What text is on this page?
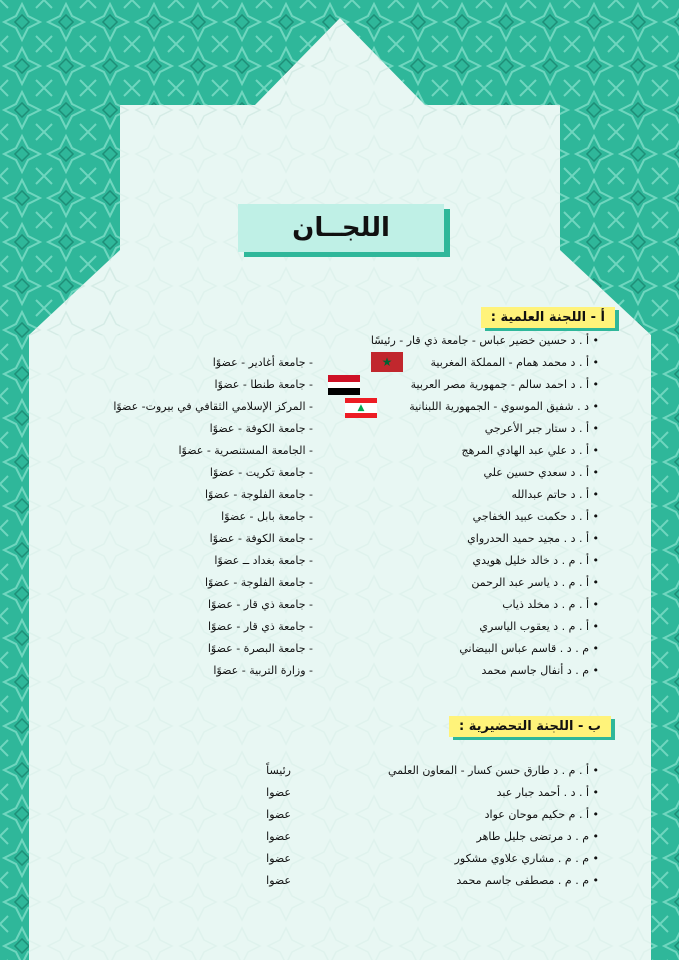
اللجــان
أ - اللجنة العلمية :
• أ . د حسين خضير عباس - جامعة ذي قار - رئيسًا
• أ . د محمد همام - المملكة المغربية
- جامعة أغادير - عضوًا
• أ . د احمد سالم - جمهورية مصر العربية
- جامعة طنطا - عضوًا
• د . شفيق الموسوي - الجمهورية اللبنانية
- المركز الإسلامي الثقافي في بيروت- عضوًا
• أ . د ستار جبر الأعرجي
- جامعة الكوفة - عضوًا
• أ . د علي عبد الهادي المرهج
- الجامعة المستنصرية - عضوًا
• أ . د سعدي حسين علي
- جامعة تكريت - عضوًا
• أ . د حاتم عبدالله
- جامعة الفلوجة - عضوًا
• أ . د حكمت عبيد الخفاجي
- جامعة بابل - عضوًا
• أ . د . مجيد حميد الحدرواي
- جامعة الكوفة - عضوًا
• أ . م . د خالد خليل هويدي
- جامعة بغداد ــ عضوًا
• أ . م . د ياسر عبد الرحمن
- جامعة الفلوجة - عضوًا
• أ . م . د مخلد ذياب
- جامعة ذي قار - عضوًا
• أ . م . د يعقوب الياسري
- جامعة ذي قار - عضوًا
• م . د . قاسم عباس البيضاني
- جامعة البصرة - عضوًا
• م . د أنفال جاسم محمد
- وزارة التربية - عضوًا
★
▲
ب - اللجنة التحضيرية :
• أ . م . د طارق حسن كسار - المعاون العلمي
رئيساً
• أ . د . أحمد جبار عبد
عضوا
• أ . م حكيم موحان عواد
عضوا
• م . د مرتضى جليل طاهر
عضوا
• م . م . مشاري علاوي مشكور
عضوا
• م . م . مصطفى جاسم محمد
عضوا
